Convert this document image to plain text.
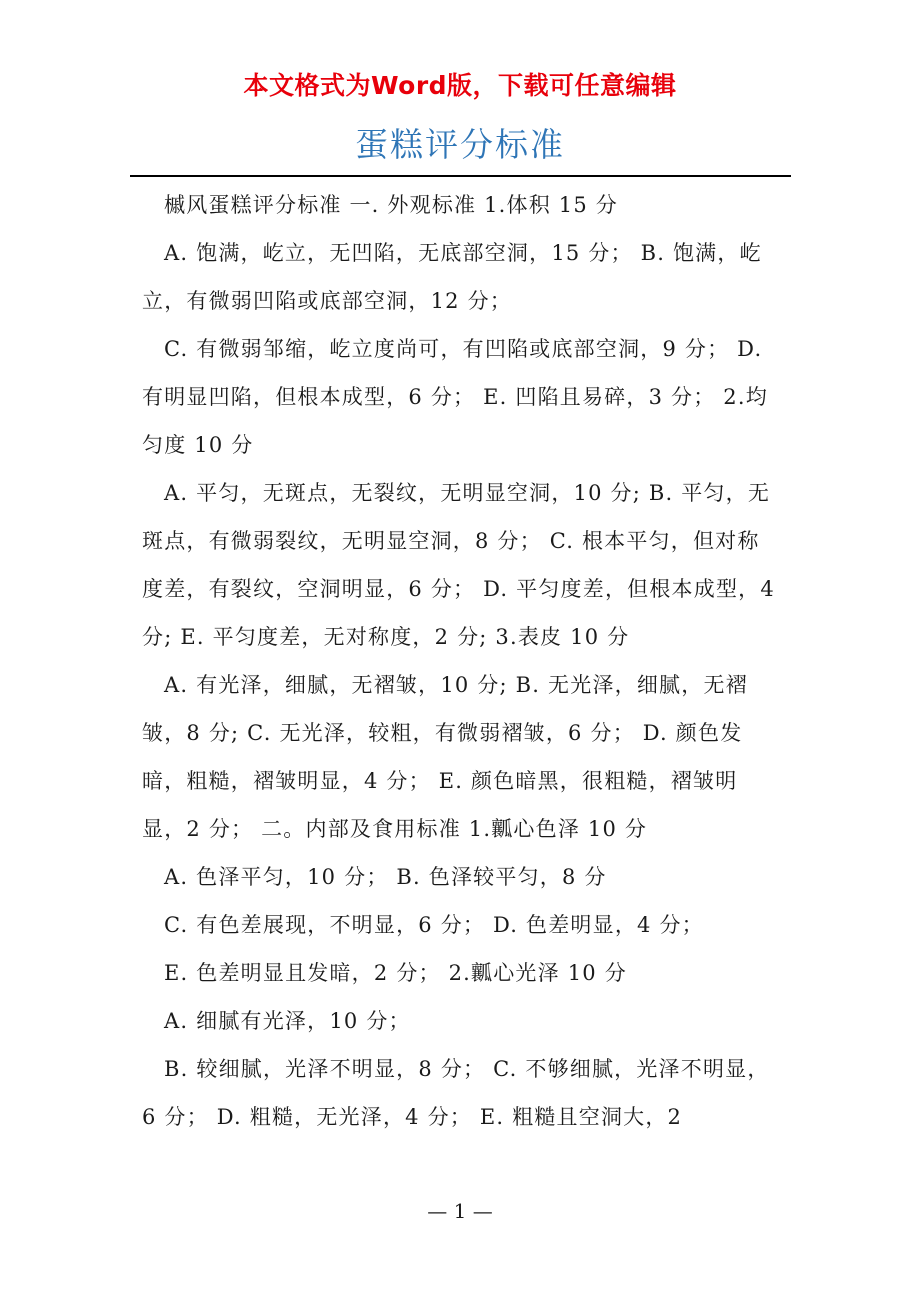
本文格式为Word版，下载可任意编辑
蛋糕评分标准

槭风蛋糕评分标准 一. 外观标准 1.体积 15 分

A. 饱满，屹立，无凹陷，无底部空洞，15 分； B. 饱满，屹立，有微弱凹陷或底部空洞，12 分；

C. 有微弱邹缩，屹立度尚可，有凹陷或底部空洞，9 分； D. 有明显凹陷，但根本成型，6 分； E. 凹陷且易碎，3 分； 2.均匀度 10 分

A. 平匀，无斑点，无裂纹，无明显空洞，10 分; B. 平匀，无斑点，有微弱裂纹，无明显空洞，8 分； C. 根本平匀，但对称度差，有裂纹，空洞明显，6 分； D. 平匀度差，但根本成型，4 分; E. 平匀度差，无对称度，2 分; 3.表皮 10 分

A. 有光泽，细腻，无褶皱，10 分; B. 无光泽，细腻，无褶皱，8 分; C. 无光泽，较粗，有微弱褶皱，6 分； D. 颜色发暗，粗糙，褶皱明显，4 分； E. 颜色暗黑，很粗糙，褶皱明显，2 分； 二。内部及食用标准 1.瓤心色泽 10 分

A. 色泽平匀，10 分； B. 色泽较平匀，8 分

C. 有色差展现，不明显，6 分； D. 色差明显，4 分；

E. 色差明显且发暗，2 分； 2.瓤心光泽 10 分

A. 细腻有光泽，10 分；

B. 较细腻，光泽不明显，8 分； C. 不够细腻，光泽不明显，6 分； D. 粗糙，无光泽，4 分； E. 粗糙且空洞大，2

— 1 —
